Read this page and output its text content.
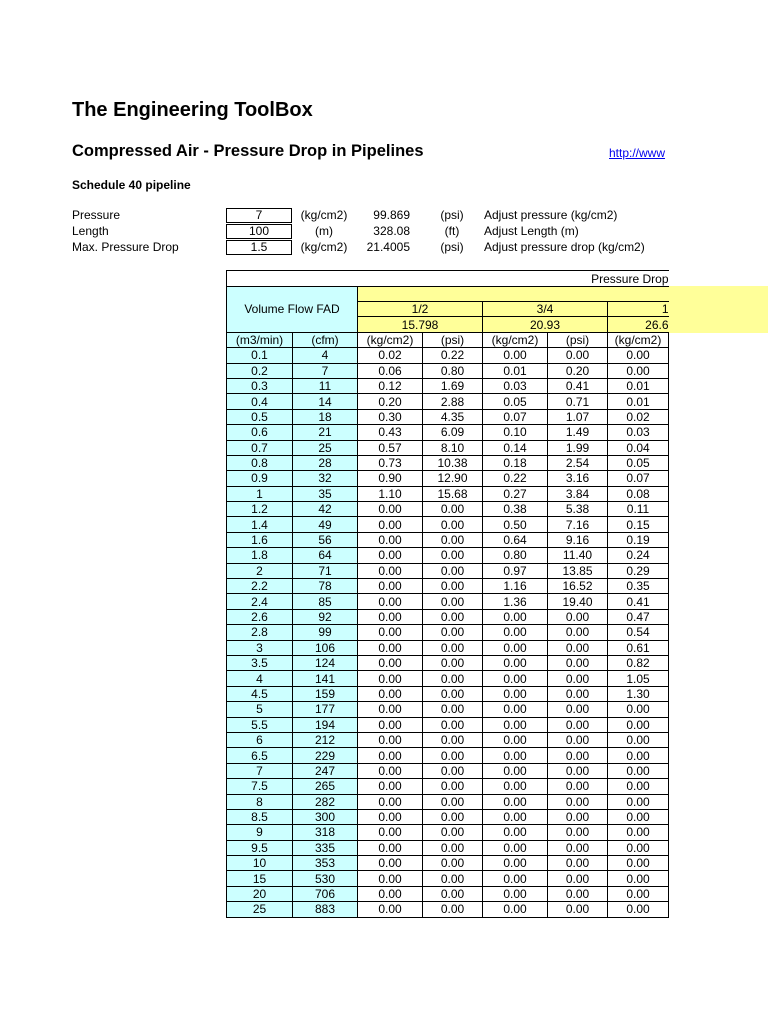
The Engineering ToolBox
Compressed Air - Pressure Drop in Pipelines	http://www
Schedule 40 pipeline
Pressure	7	(kg/cm2)	99.869	(psi)	Adjust pressure (kg/cm2)
Length	100	(m)	328.08	(ft)	Adjust Length (m)
Max. Pressure Drop	1.5	(kg/cm2)	21.4005	(psi)	Adjust pressure drop (kg/cm2)
Pressure Drop						
Volume Flow FAD						
		1/2		3/4		1
		15.798		20.93		26.6
(m3/min)	(cfm)	(kg/cm2)	(psi)	(kg/cm2)	(psi)	(kg/cm2)
0.1	4	0.02	0.22	0.00	0.00	0.00
0.2	7	0.06	0.80	0.01	0.20	0.00
0.3	11	0.12	1.69	0.03	0.41	0.01
0.4	14	0.20	2.88	0.05	0.71	0.01
0.5	18	0.30	4.35	0.07	1.07	0.02
0.6	21	0.43	6.09	0.10	1.49	0.03
0.7	25	0.57	8.10	0.14	1.99	0.04
0.8	28	0.73	10.38	0.18	2.54	0.05
0.9	32	0.90	12.90	0.22	3.16	0.07
1	35	1.10	15.68	0.27	3.84	0.08
1.2	42	0.00	0.00	0.38	5.38	0.11
1.4	49	0.00	0.00	0.50	7.16	0.15
1.6	56	0.00	0.00	0.64	9.16	0.19
1.8	64	0.00	0.00	0.80	11.40	0.24
2	71	0.00	0.00	0.97	13.85	0.29
2.2	78	0.00	0.00	1.16	16.52	0.35
2.4	85	0.00	0.00	1.36	19.40	0.41
2.6	92	0.00	0.00	0.00	0.00	0.47
2.8	99	0.00	0.00	0.00	0.00	0.54
3	106	0.00	0.00	0.00	0.00	0.61
3.5	124	0.00	0.00	0.00	0.00	0.82
4	141	0.00	0.00	0.00	0.00	1.05
4.5	159	0.00	0.00	0.00	0.00	1.30
5	177	0.00	0.00	0.00	0.00	0.00
5.5	194	0.00	0.00	0.00	0.00	0.00
6	212	0.00	0.00	0.00	0.00	0.00
6.5	229	0.00	0.00	0.00	0.00	0.00
7	247	0.00	0.00	0.00	0.00	0.00
7.5	265	0.00	0.00	0.00	0.00	0.00
8	282	0.00	0.00	0.00	0.00	0.00
8.5	300	0.00	0.00	0.00	0.00	0.00
9	318	0.00	0.00	0.00	0.00	0.00
9.5	335	0.00	0.00	0.00	0.00	0.00
10	353	0.00	0.00	0.00	0.00	0.00
15	530	0.00	0.00	0.00	0.00	0.00
20	706	0.00	0.00	0.00	0.00	0.00
25	883	0.00	0.00	0.00	0.00	0.00
